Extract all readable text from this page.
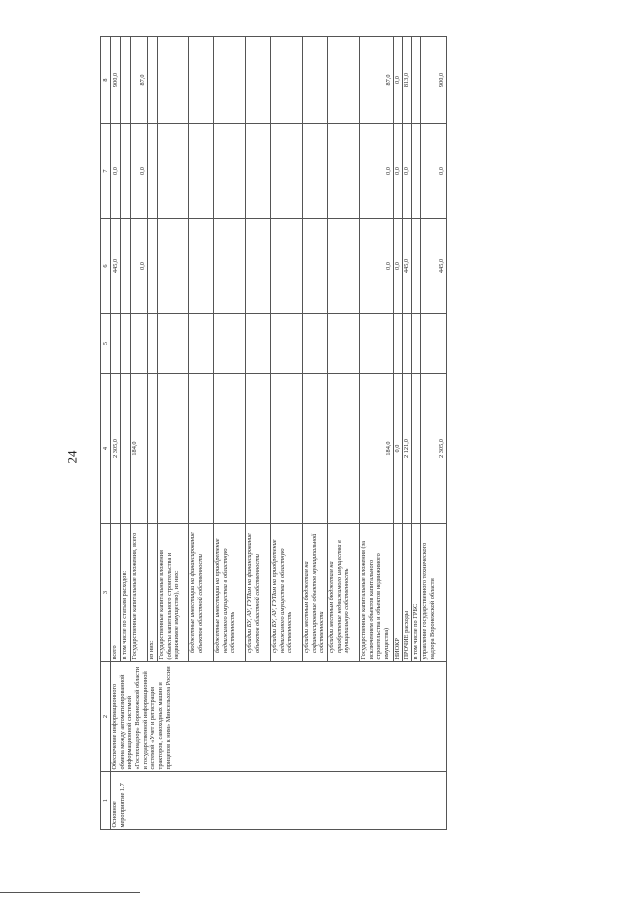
24
1	2	3	4	5	6	7	8
Основное мероприятие 1.7	Обеспечение информационного обмена между автоматизированной информационной системой «Гостехнадзор» Воронежской области и государственной информационной системой «Учет и регистрация тракторов, самоходных машин и прицепов к ним» Минсельхоза России	всего	2 305,0		445,0	0,0	900,0
		в том числе по статьям расходов:					
		Государственные капитальные вложения, всего	184,0		0,0	0,0	87,0
		из них:					
		Государственные капитальные вложения (объекты капитального строительства и недвижимое имущество), из них:					
		бюджетные инвестиции на финансирование объектов областной собственности					
		бюджетные инвестиции на приобретение недвижимого имущества в областную собственность					
		субсидии БУ, АУ, ГУПам на финансирование объектов областной собственности					
		субсидии БУ, АУ, ГУПам на приобретение недвижимого имущества в областную собственность					
		субсидии местным бюджетам на софинансирование объектов муниципальной собственности					
		субсидии местным бюджетам на приобретение недвижимого имущества в муниципальную собственность					
		Государственные капитальные вложения (за исключением объектов капитального строительства и объектов недвижимого имущества)	184,0		0,0	0,0	87,0
		НИОКР	0,0		0,0	0,0	0,0
		ПРОЧИЕ расходы	2 121,0		445,0	0,0	813,0
		в том числе по ГРБС					
		управление государственного технического надзора Воронежской области	2 305,0		445,0	0,0	900,0
